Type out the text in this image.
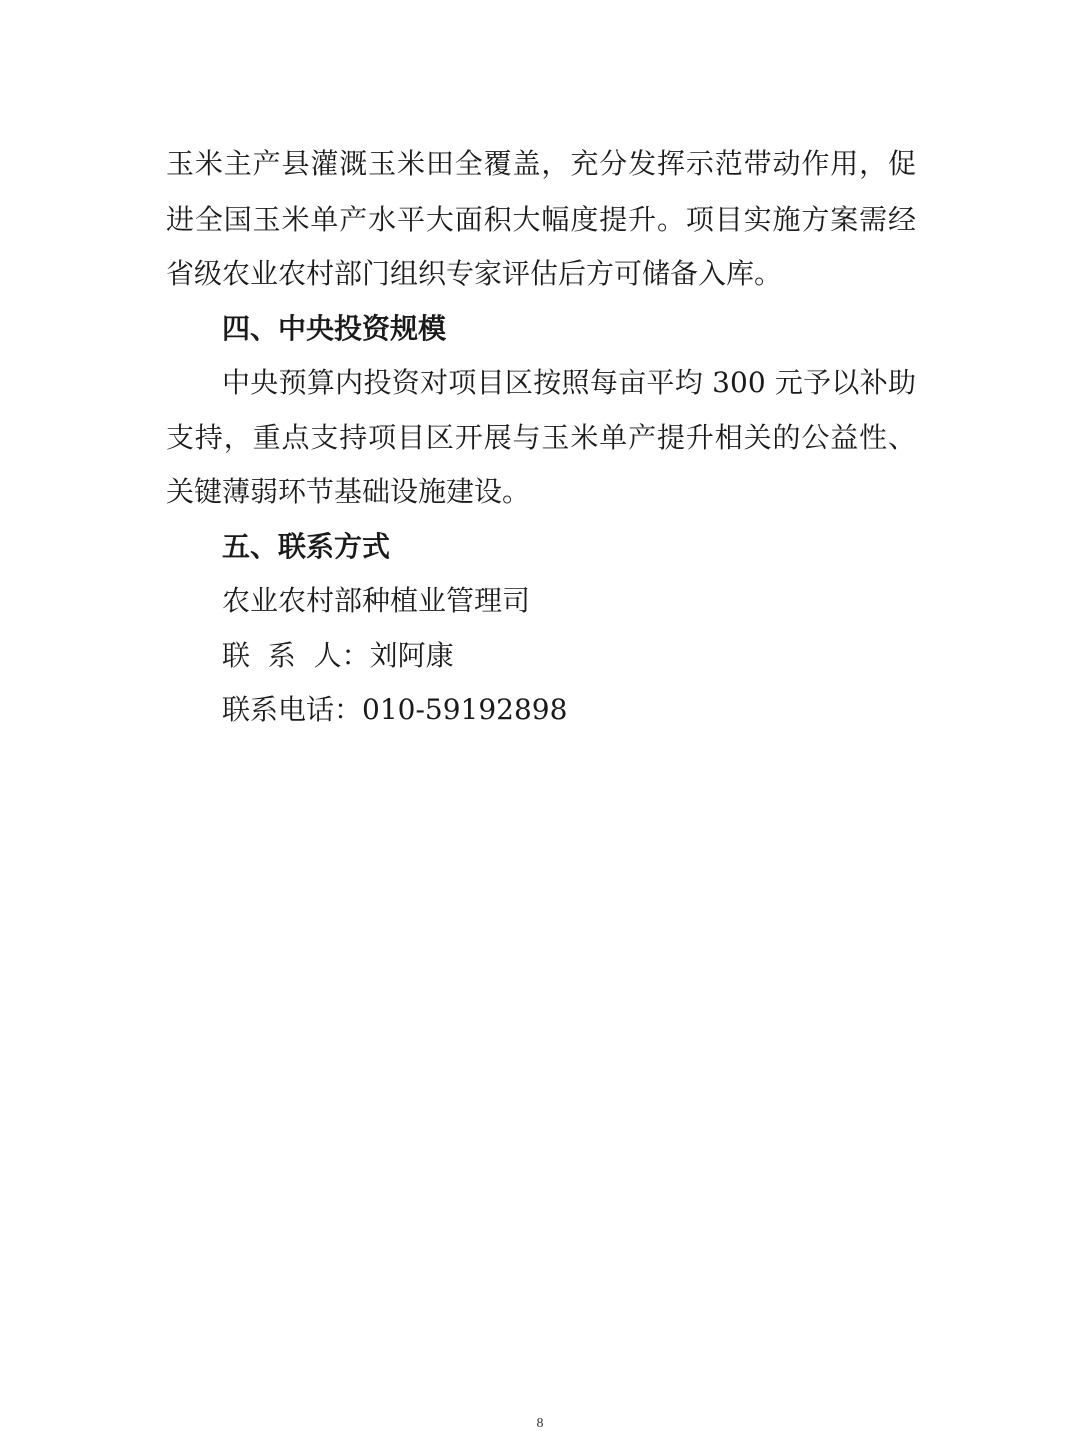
玉米主产县灌溉玉米田全覆盖，充分发挥示范带动作用，促
进全国玉米单产水平大面积大幅度提升。项目实施方案需经
省级农业农村部门组织专家评估后方可储备入库。
四、中央投资规模
中央预算内投资对项目区按照每亩平均 300 元予以补助
支持，重点支持项目区开展与玉米单产提升相关的公益性、
关键薄弱环节基础设施建设。
五、联系方式
农业农村部种植业管理司
联  系  人：刘阿康
联系电话：010-59192898
8
